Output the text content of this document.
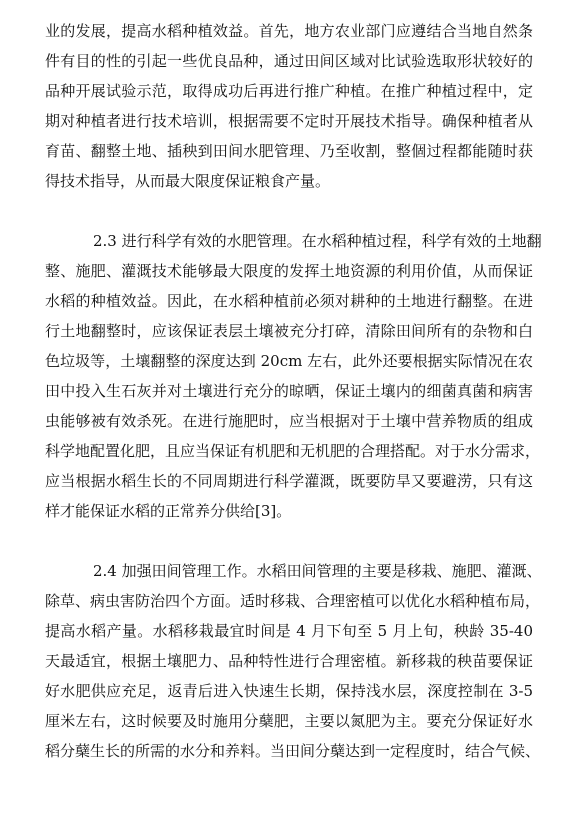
业的发展，提高水稻种植效益。首先，地方农业部门应遵结合当地自然条
件有目的性的引起一些优良品种，通过田间区域对比试验选取形状较好的
品种开展试验示范，取得成功后再进行推广种植。在推广种植过程中，定
期对种植者进行技术培训，根据需要不定时开展技术指导。确保种植者从
育苗、翻整土地、插秧到田间水肥管理、乃至收割，整個过程都能随时获
得技术指导，从而最大限度保证粮食产量。
2.3 进行科学有效的水肥管理。在水稻种植过程，科学有效的土地翻
整、施肥、灌溉技术能够最大限度的发挥土地资源的利用价值，从而保证
水稻的种植效益。因此，在水稻种植前必须对耕种的土地进行翻整。在进
行土地翻整时，应该保证表层土壤被充分打碎，清除田间所有的杂物和白
色垃圾等，土壤翻整的深度达到 20cm 左右，此外还要根据实际情况在农
田中投入生石灰并对土壤进行充分的晾晒，保证土壤内的细菌真菌和病害
虫能够被有效杀死。在进行施肥时，应当根据对于土壤中营养物质的组成
科学地配置化肥，且应当保证有机肥和无机肥的合理搭配。对于水分需求，
应当根据水稻生长的不同周期进行科学灌溉，既要防旱又要避涝，只有这
样才能保证水稻的正常养分供给[3]。
2.4 加强田间管理工作。水稻田间管理的主要是移栽、施肥、灌溉、
除草、病虫害防治四个方面。适时移栽、合理密植可以优化水稻种植布局，
提高水稻产量。水稻移栽最宜时间是 4 月下旬至 5 月上旬，秧龄 35-40
天最适宜，根据土壤肥力、品种特性进行合理密植。新移栽的秧苗要保证
好水肥供应充足，返青后进入快速生长期，保持浅水层，深度控制在 3-5
厘米左右，这时候要及时施用分蘖肥，主要以氮肥为主。要充分保证好水
稻分蘖生长的所需的水分和养料。当田间分蘖达到一定程度时，结合气候、
